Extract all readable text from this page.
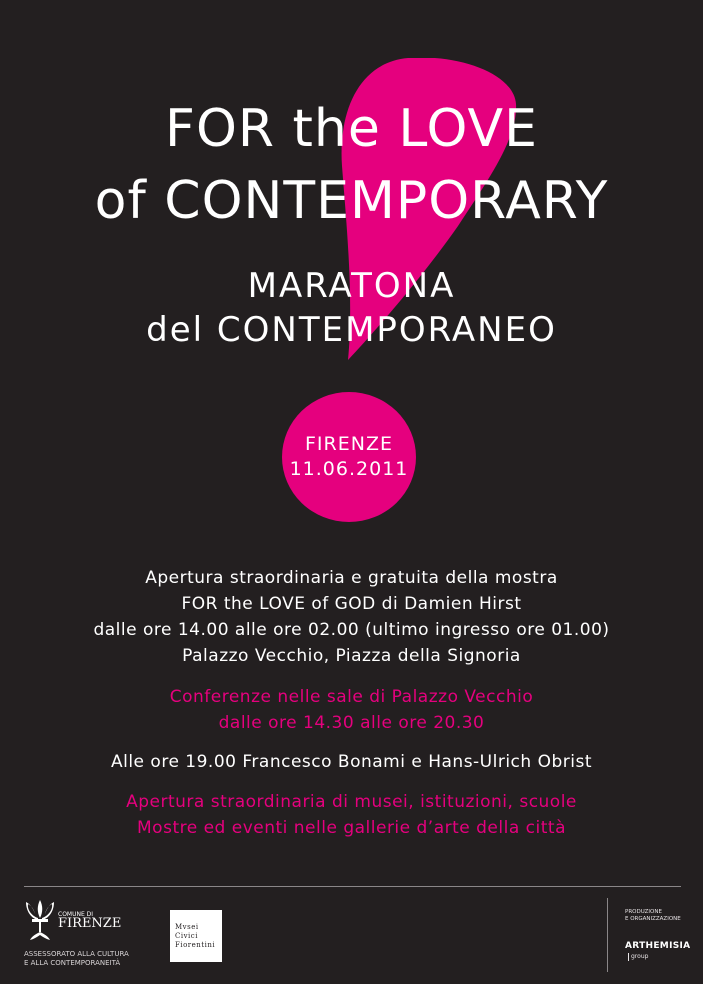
FOR the LOVE
of CONTEMPORARY
MARATONA
del CONTEMPORANEO
FIRENZE
11.06.2011
Apertura straordinaria e gratuita della mostra
FOR the LOVE of GOD di Damien Hirst
dalle ore 14.00 alle ore 02.00 (ultimo ingresso ore 01.00)
Palazzo Vecchio, Piazza della Signoria
Conferenze nelle sale di Palazzo Vecchio
dalle ore 14.30 alle ore 20.30
Alle ore 19.00 Francesco Bonami e Hans-Ulrich Obrist
Apertura straordinaria di musei, istituzioni, scuole
Mostre ed eventi nelle gallerie d’arte della città
COMUNE DI
FIRENZE
ASSESSORATO ALLA CULTURA
E ALLA CONTEMPORANEITÀ
Mvsei
Civici
Fiorentini
PRODUZIONE
E ORGANIZZAZIONE
ARTHEMISIA
group
